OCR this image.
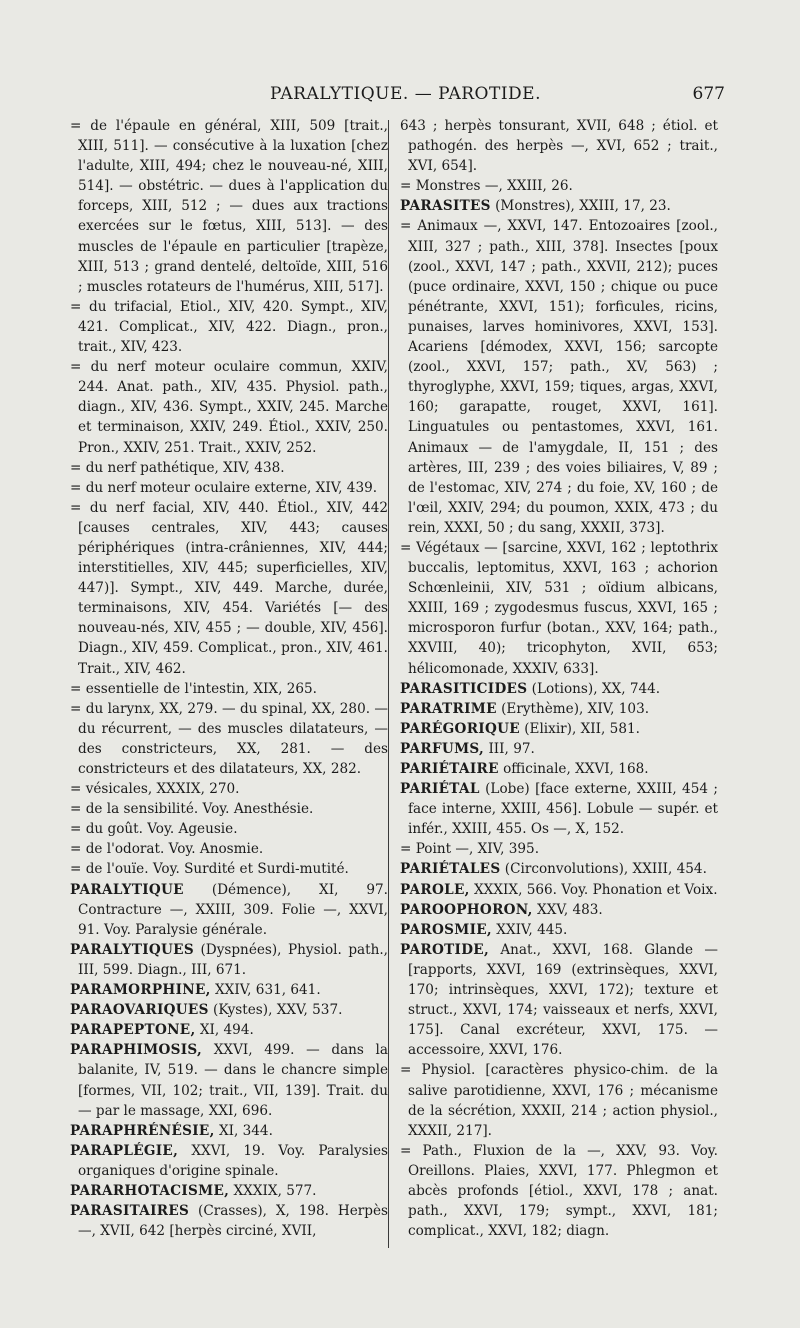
PARALYTIQUE. — PAROTIDE.	677

= de l'épaule en général, XIII, 509 [trait., XIII, 511]. — consécutive à la luxation [chez l'adulte, XIII, 494; chez le nouveau-né, XIII, 514]. — obstétric. — dues à l'application du forceps, XIII, 512 ; — dues aux tractions exercées sur le fœtus, XIII, 513]. — des muscles de l'épaule en particulier [trapèze, XIII, 513 ; grand dentelé, deltoïde, XIII, 516 ; muscles rotateurs de l'humérus, XIII, 517].

= du trifacial, Etiol., XIV, 420. Sympt., XIV, 421. Complicat., XIV, 422. Diagn., pron., trait., XIV, 423.

= du nerf moteur oculaire commun, XXIV, 244. Anat. path., XIV, 435. Physiol. path., diagn., XIV, 436. Sympt., XXIV, 245. Marche et terminaison, XXIV, 249. Étiol., XXIV, 250. Pron., XXIV, 251. Trait., XXIV, 252.

= du nerf pathétique, XIV, 438.

= du nerf moteur oculaire externe, XIV, 439.

= du nerf facial, XIV, 440. Étiol., XIV, 442 [causes centrales, XIV, 443; causes périphériques (intra-crâniennes, XIV, 444; interstitielles, XIV, 445; superficielles, XIV, 447)]. Sympt., XIV, 449. Marche, durée, terminaisons, XIV, 454. Variétés [— des nouveau-nés, XIV, 455 ; — double, XIV, 456]. Diagn., XIV, 459. Complicat., pron., XIV, 461. Trait., XIV, 462.

= essentielle de l'intestin, XIX, 265.

= du larynx, XX, 279. — du spinal, XX, 280. — du récurrent, — des muscles dilatateurs, — des constricteurs, XX, 281. — des constricteurs et des dilatateurs, XX, 282.

= vésicales, XXXIX, 270.

= de la sensibilité. Voy. Anesthésie.

= du goût. Voy. Ageusie.

= de l'odorat. Voy. Anosmie.

= de l'ouïe. Voy. Surdité et Surdi-mutité.

PARALYTIQUE (Démence), XI, 97. Contracture —, XXIII, 309. Folie —, XXVI, 91. Voy. Paralysie générale.

PARALYTIQUES (Dyspnées), Physiol. path., III, 599. Diagn., III, 671.

PARAMORPHINE, XXIV, 631, 641.

PARAOVARIQUES (Kystes), XXV, 537.

PARAPEPTONE, XI, 494.

PARAPHIMOSIS, XXVI, 499. — dans la balanite, IV, 519. — dans le chancre simple [formes, VII, 102; trait., VII, 139]. Trait. du — par le massage, XXI, 696.

PARAPHRÉNÉSIE, XI, 344.

PARAPLÉGIE, XXVI, 19. Voy. Paralysies organiques d'origine spinale.

PARARHOTACISME, XXXIX, 577.

PARASITAIRES (Crasses), X, 198. Herpès —, XVII, 642 [herpès circiné, XVII,

643 ; herpès tonsurant, XVII, 648 ; étiol. et pathogén. des herpès —, XVI, 652 ; trait., XVI, 654].

= Monstres —, XXIII, 26.

PARASITES (Monstres), XXIII, 17, 23.

= Animaux —, XXVI, 147. Entozoaires [zool., XIII, 327 ; path., XIII, 378]. Insectes [poux (zool., XXVI, 147 ; path., XXVII, 212); puces (puce ordinaire, XXVI, 150 ; chique ou puce pénétrante, XXVI, 151); forficules, ricins, punaises, larves hominivores, XXVI, 153]. Acariens [démodex, XXVI, 156; sarcopte (zool., XXVI, 157; path., XV, 563) ; thyroglyphe, XXVI, 159; tiques, argas, XXVI, 160; garapatte, rouget, XXVI, 161]. Linguatules ou pentastomes, XXVI, 161. Animaux — de l'amygdale, II, 151 ; des artères, III, 239 ; des voies biliaires, V, 89 ; de l'estomac, XIV, 274 ; du foie, XV, 160 ; de l'œil, XXIV, 294; du poumon, XXIX, 473 ; du rein, XXXI, 50 ; du sang, XXXII, 373].

= Végétaux — [sarcine, XXVI, 162 ; leptothrix buccalis, leptomitus, XXVI, 163 ; achorion Schœnleinii, XIV, 531 ; oïdium albicans, XXIII, 169 ; zygodesmus fuscus, XXVI, 165 ; microsporon furfur (botan., XXV, 164; path., XXVIII, 40); tricophyton, XVII, 653; hélicomonade, XXXIV, 633].

PARASITICIDES (Lotions), XX, 744.

PARATRIME (Erythème), XIV, 103.

PARÉGORIQUE (Elixir), XII, 581.

PARFUMS, III, 97.

PARIÉTAIRE officinale, XXVI, 168.

PARIÉTAL (Lobe) [face externe, XXIII, 454 ; face interne, XXIII, 456]. Lobule — supér. et infér., XXIII, 455. Os —, X, 152.

= Point —, XIV, 395.

PARIÉTALES (Circonvolutions), XXIII, 454.

PAROLE, XXXIX, 566. Voy. Phonation et Voix.

PAROOPHORON, XXV, 483.

PAROSMIE, XXIV, 445.

PAROTIDE, Anat., XXVI, 168. Glande — [rapports, XXVI, 169 (extrinsèques, XXVI, 170; intrinsèques, XXVI, 172); texture et struct., XXVI, 174; vaisseaux et nerfs, XXVI, 175]. Canal excréteur, XXVI, 175. — accessoire, XXVI, 176.

= Physiol. [caractères physico-chim. de la salive parotidienne, XXVI, 176 ; mécanisme de la sécrétion, XXXII, 214 ; action physiol., XXXII, 217].

= Path., Fluxion de la —, XXV, 93. Voy. Oreillons. Plaies, XXVI, 177. Phlegmon et abcès profonds [étiol., XXVI, 178 ; anat. path., XXVI, 179; sympt., XXVI, 181; complicat., XXVI, 182; diagn.
